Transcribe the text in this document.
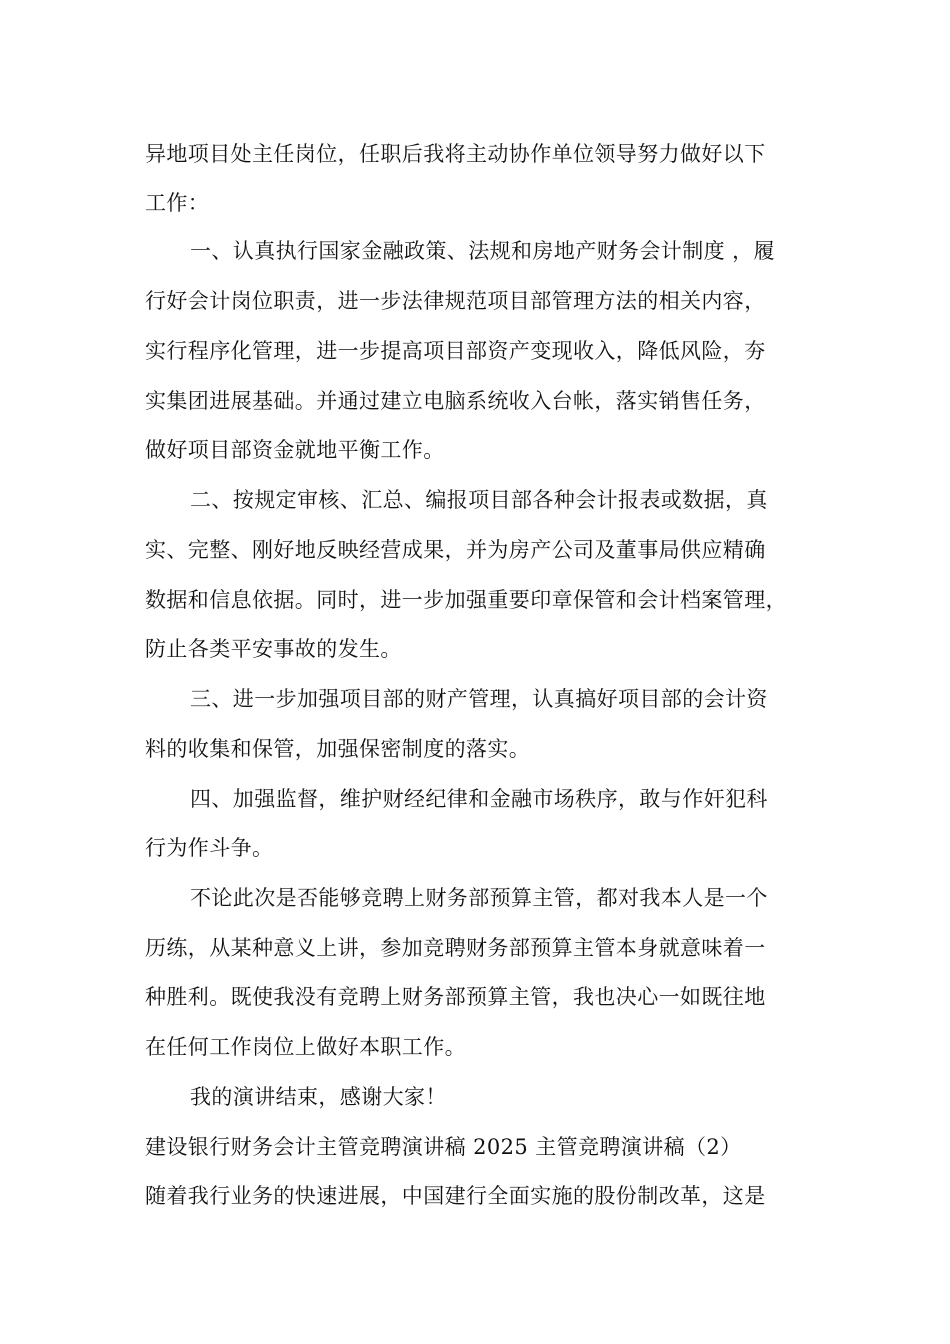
异地项目处主任岗位，任职后我将主动协作单位领导努力做好以下
工作：
一、认真执行国家金融政策、法规和房地产财务会计制度 ，履
行好会计岗位职责，进一步法律规范项目部管理方法的相关内容，
实行程序化管理，进一步提高项目部资产变现收入，降低风险，夯
实集团进展基础。并通过建立电脑系统收入台帐，落实销售任务，
做好项目部资金就地平衡工作。
二、按规定审核、汇总、编报项目部各种会计报表或数据，真
实、完整、刚好地反映经营成果，并为房产公司及董事局供应精确
数据和信息依据。同时，进一步加强重要印章保管和会计档案管理，
防止各类平安事故的发生。
三、进一步加强项目部的财产管理，认真搞好项目部的会计资
料的收集和保管，加强保密制度的落实。
四、加强监督，维护财经纪律和金融市场秩序，敢与作奸犯科
行为作斗争。
不论此次是否能够竞聘上财务部预算主管，都对我本人是一个
历练，从某种意义上讲，参加竞聘财务部预算主管本身就意味着一
种胜利。既使我没有竞聘上财务部预算主管，我也决心一如既往地
在任何工作岗位上做好本职工作。
我的演讲结束，感谢大家！
建设银行财务会计主管竞聘演讲稿 2025 主管竞聘演讲稿（2）
随着我行业务的快速进展，中国建行全面实施的股份制改革，这是
